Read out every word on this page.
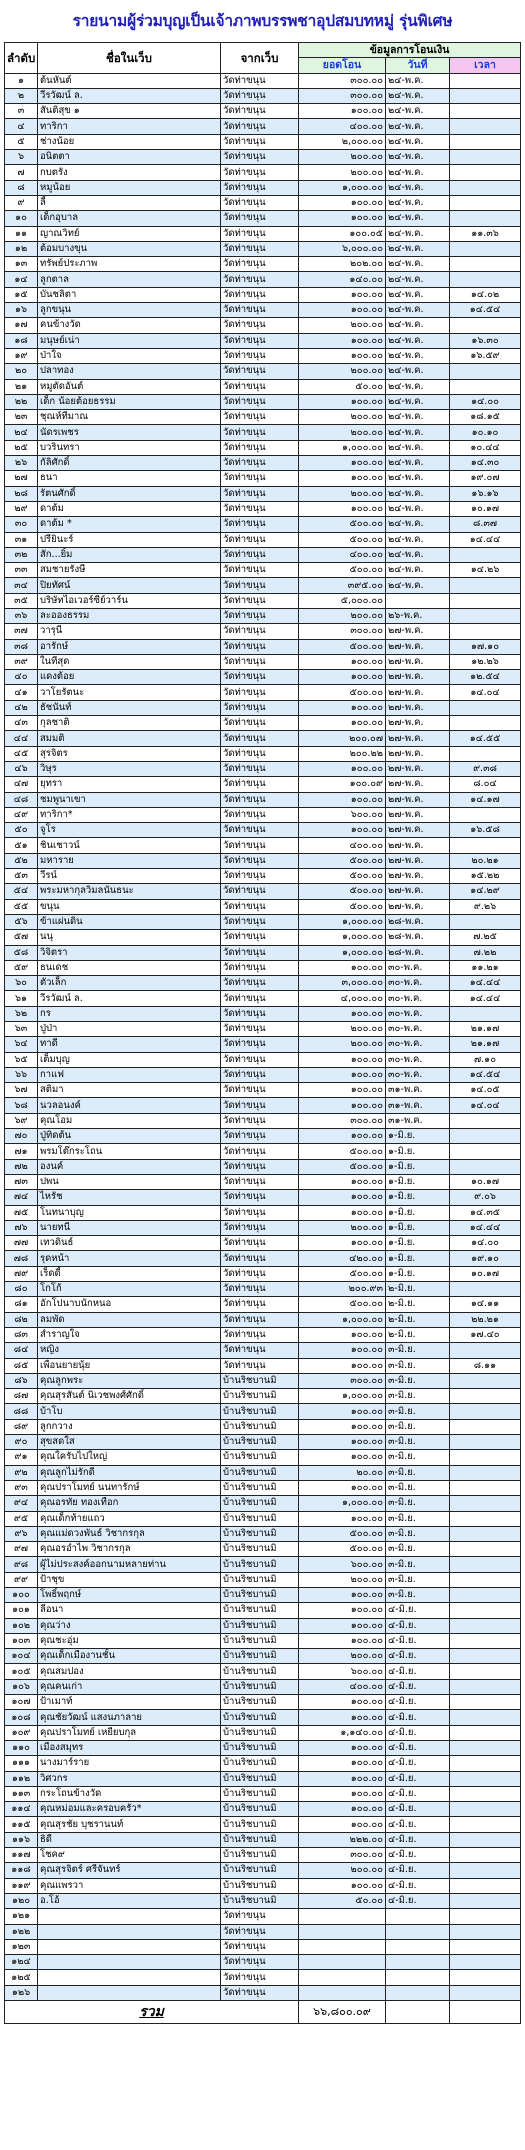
รายนามผู้ร่วมบุญเป็นเจ้าภาพบรรพชาอุปสมบทหมู่ รุ่นพิเศษ
ลำดับ	ชื่อในเว็บ	จากเว็บ	ข้อมูลการโอนเงิน		
			ยอดโอน	วันที่	เวลา
๑	ต้นหันต์	วัดท่าขนุน	๓๐๐.๐๐	๒๔-พ.ค.	
๒	วีรวัฒน์ ล.	วัดท่าขนุน	๓๐๐.๐๐	๒๔-พ.ค.	
๓	สันติสุข ๑	วัดท่าขนุน	๑๐๐.๐๐	๒๔-พ.ค.	
๔	ทาริกา	วัดท่าขนุน	๔๐๐.๐๐	๒๔-พ.ค.	
๕	ช่างน้อย	วัดท่าขนุน	๒,๐๐๐.๐๐	๒๔-พ.ค.	
๖	อนิตตา	วัดท่าขนุน	๒๐๐.๐๐	๒๔-พ.ค.	
๗	กบตรัง	วัดท่าขนุน	๒๐๐.๐๐	๒๔-พ.ค.	
๘	หมูน้อย	วัดท่าขนุน	๑,๐๐๐.๐๐	๒๔-พ.ค.	
๙	ลี้	วัดท่าขนุน	๑๐๐.๐๐	๒๔-พ.ค.	
๑๐	เด็กอุบาล	วัดท่าขนุน	๑๐๐.๐๐	๒๔-พ.ค.	
๑๑	ญาณวิทย์	วัดท่าขนุน	๑๐๐.๐๕	๒๔-พ.ค.	๑๑.๓๖
๑๒	ต้อมบางขุน	วัดท่าขนุน	๖,๐๐๐.๐๐	๒๔-พ.ค.	
๑๓	ทรัพย์ประภาพ	วัดท่าขนุน	๒๐๒.๐๐	๒๔-พ.ค.	
๑๔	ลูกตาล	วัดท่าขนุน	๑๔๐.๐๐	๒๔-พ.ค.	
๑๕	บันชลิตา	วัดท่าขนุน	๑๐๐.๐๐	๒๔-พ.ค.	๑๔.๐๒
๑๖	ลูกขนุน	วัดท่าขนุน	๑๐๐.๐๐	๒๔-พ.ค.	๑๔.๕๔
๑๗	คนข้างวัด	วัดท่าขนุน	๒๐๐.๐๐	๒๔-พ.ค.	
๑๘	มนุษย์เน่า	วัดท่าขนุน	๑๐๐.๐๐	๒๔-พ.ค.	๑๖.๓๐
๑๙	ป่าใจ	วัดท่าขนุน	๑๐๐.๐๐	๒๔-พ.ค.	๑๖.๕๙
๒๐	ปลาทอง	วัดท่าขนุน	๒๐๐.๐๐	๒๔-พ.ค.	
๒๑	หมูตัดอันต์	วัดท่าขนุน	๕๐.๐๐	๒๔-พ.ค.	
๒๒	เด็ก น้อยต้อยธรรม	วัดท่าขนุน	๑๐๐.๐๐	๒๔-พ.ค.	๑๔.๐๐
๒๓	ชุณห์ทีมาณ	วัดท่าขนุน	๒๐๐.๐๐	๒๔-พ.ค.	๑๘.๑๕
๒๔	นัดรเพชร	วัดท่าขนุน	๒๐๐.๐๐	๒๔-พ.ค.	๑๐.๑๐
๒๕	บวรินทรา	วัดท่าขนุน	๑,๐๐๐.๐๐	๒๔-พ.ค.	๑๐.๔๔
๒๖	กัลิศักดิ์	วัดท่าขนุน	๑๐๐.๐๐	๒๔-พ.ค.	๑๔.๓๐
๒๗	ธนา	วัดท่าขนุน	๑๐๐.๐๐	๒๔-พ.ค.	๑๙.๐๗
๒๘	รัตนศักดิ์	วัดท่าขนุน	๒๐๐.๐๐	๒๔-พ.ค.	๑๖.๑๖
๒๙	ดาต้ม	วัดท่าขนุน	๑๐๐.๐๐	๒๔-พ.ค.	๑๐.๑๗
๓๐	ดาต้ม *	วัดท่าขนุน	๕๐๐.๐๐	๒๔-พ.ค.	๘.๓๗
๓๑	ปรียินะร์	วัดท่าขนุน	๕๐๐.๐๐	๒๔-พ.ค.	๑๔.๔๔
๓๒	สัก...ยิ้ม	วัดท่าขนุน	๔๐๐.๐๐	๒๔-พ.ค.	
๓๓	สมชายรังษี	วัดท่าขนุน	๕๐๐.๐๐	๒๔-พ.ค.	๑๔.๒๖
๓๔	ปิยทัศน์	วัดท่าขนุน	๓๙๕.๐๐	๒๔-พ.ค.	
๓๕	บริษัทไอเวอร์ซีย์วาร์น	วัดท่าขนุน	๕,๐๐๐.๐๐		
๓๖	ละอองธรรม	วัดท่าขนุน	๒๐๐.๐๐	๒๖-พ.ค.	
๓๗	วารุนี	วัดท่าขนุน	๓๐๐.๐๐	๒๗-พ.ค.	
๓๘	อารักษ์	วัดท่าขนุน	๕๐๐.๐๐	๒๗-พ.ค.	๑๗.๑๐
๓๙	ในทีสุด	วัดท่าขนุน	๑๐๐.๐๐	๒๗-พ.ค.	๑๒.๒๖
๔๐	แดงต้อย	วัดท่าขนุน	๑๐๐.๐๐	๒๗-พ.ค.	๑๒.๕๔
๔๑	วาโยรัตนะ	วัดท่าขนุน	๕๐๐.๐๐	๒๗-พ.ค.	๑๔.๐๔
๔๒	ธัชนันท์	วัดท่าขนุน	๑๐๐.๐๐	๒๗-พ.ค.	
๔๓	กุลชาติ	วัดท่าขนุน	๑๐๐.๐๐	๒๗-พ.ค.	
๔๔	สมมติ	วัดท่าขนุน	๒๐๐.๐๗	๒๗-พ.ค.	๑๔.๕๕
๔๕	สุรจิตร	วัดท่าขนุน	๒๐๐.๒๒	๒๗-พ.ค.	
๔๖	วิษุร	วัดท่าขนุน	๑๐๐.๐๐	๒๗-พ.ค.	๙.๓๘
๔๗	ยุทรา	วัดท่าขนุน	๑๐๐.๐๙	๒๗-พ.ค.	๘.๐๔
๔๘	ชมพูนาเขา	วัดท่าขนุน	๑๐๐.๐๐	๒๗-พ.ค.	๑๔.๑๗
๔๙	ทาริกา*	วัดท่าขนุน	๖๐๐.๐๐	๒๗-พ.ค.	
๕๐	จูโร	วัดท่าขนุน	๑๐๐.๐๐	๒๗-พ.ค.	๑๖.๕๘
๕๑	ชินเชาวน์	วัดท่าขนุน	๔๐๐.๐๐	๒๗-พ.ค.	
๕๒	มหาราย	วัดท่าขนุน	๕๐๐.๐๐	๒๗-พ.ค.	๒๐.๒๑
๕๓	วีรน์	วัดท่าขนุน	๕๐๐.๐๐	๒๗-พ.ค.	๑๕.๒๒
๕๔	พระมหากุลวิมลนันธนะ	วัดท่าขนุน	๕๐๐.๐๐	๒๗-พ.ค.	๑๔.๒๙
๕๕	ขนุน	วัดท่าขนุน	๕๐๐.๐๐	๒๗-พ.ค.	๙.๒๖
๕๖	ข้าแผ่นดิน	วัดท่าขนุน	๑,๐๐๐.๐๐	๒๘-พ.ค.	
๕๗	นนุ	วัดท่าขนุน	๑,๐๐๐.๐๐	๒๘-พ.ค.	๗.๒๕
๕๘	วิจิตรา	วัดท่าขนุน	๑,๐๐๐.๐๐	๒๘-พ.ค.	๗.๒๒
๕๙	ธนเดช	วัดท่าขนุน	๑๐๐.๐๐	๓๐-พ.ค.	๑๑.๒๑
๖๐	ตัวเล็ก	วัดท่าขนุน	๓,๐๐๐.๐๐	๓๐-พ.ค.	๑๔.๔๔
๖๑	วีรวัฒน์ ล.	วัดท่าขนุน	๔,๐๐๐.๐๐	๓๐-พ.ค.	๑๔.๔๔
๖๒	กร	วัดท่าขนุน	๑๐๐.๐๐	๓๐-พ.ค.	
๖๓	ปู่ป่า	วัดท่าขนุน	๒๐๐.๐๐	๓๐-พ.ค.	๒๑.๑๗
๖๔	ทาดี	วัดท่าขนุน	๒๐๐.๐๐	๓๐-พ.ค.	๒๑.๑๗
๖๕	เต็มบุญ	วัดท่าขนุน	๑๐๐.๐๐	๓๐-พ.ค.	๗.๑๐
๖๖	กาแฟ	วัดท่าขนุน	๑๐๐.๐๐	๓๐-พ.ค.	๑๔.๕๔
๖๗	สติมา	วัดท่าขนุน	๑๐๐.๐๐	๓๑-พ.ค.	๑๔.๐๕
๖๘	นวลอนงค์	วัดท่าขนุน	๑๐๐.๐๐	๓๑-พ.ค.	๑๔.๐๔
๖๙	คุณโอม	วัดท่าขนุน	๓๐๐.๐๐	๓๑-พ.ค.	
๗๐	ปู่ทิดต้น	วัดท่าขนุน	๑๐๐.๐๐	๑-มิ.ย.	
๗๑	พรมโต๊กระโถน	วัดท่าขนุน	๕๐๐.๐๐	๑-มิ.ย.	
๗๒	องนค์	วัดท่าขนุน	๕๐๐.๐๐	๑-มิ.ย.	
๗๓	ปพน	วัดท่าขนุน	๑๐๐.๐๐	๑-มิ.ย.	๑๐.๑๗
๗๔	ไหรัช	วัดท่าขนุน	๑๐๐.๐๐	๑-มิ.ย.	๙.๐๖
๗๕	โนทนาบุญ	วัดท่าขนุน	๑๐๐.๐๐	๑-มิ.ย.	๑๔.๓๕
๗๖	นายทนี	วัดท่าขนุน	๒๐๐.๐๐	๑-มิ.ย.	๑๔.๔๔
๗๗	เทวดินธ์	วัดท่าขนุน	๑๐๐.๐๐	๑-มิ.ย.	๑๔.๐๐
๗๘	รุดหน้า	วัดท่าขนุน	๔๒๐.๐๐	๑-มิ.ย.	๑๙.๑๐
๗๙	เร็ดดี้	วัดท่าขนุน	๕๐๐.๐๐	๑-มิ.ย.	๑๐.๑๗
๘๐	โกโก้	วัดท่าขนุน	๒๐๐.๙๓	๒-มิ.ย.	
๘๑	อักโปนาบนักหนอ	วัดท่าขนุน	๕๐๐.๐๐	๒-มิ.ย.	๑๔.๑๑
๘๒	ลมพัด	วัดท่าขนุน	๑,๐๐๐.๐๐	๒-มิ.ย.	๒๒.๒๑
๘๓	สำราญใจ	วัดท่าขนุน	๑๐๐.๐๐	๒-มิ.ย.	๑๗.๔๐
๘๔	หญิง	วัดท่าขนุน	๑๐๐.๐๐	๓-มิ.ย.	
๘๕	เพื่อนยายนุ้ย	วัดท่าขนุน	๑๐๐.๐๐	๓-มิ.ย.	๘.๑๑
๘๖	คุณลูกพระ	บ้านริชบานมิ	๓๐๐.๐๐	๓-มิ.ย.	
๘๗	คุณสุรสันต์ นิเวชพงศ์ศักดิ์	บ้านริชบานมิ	๑,๐๐๐.๐๐	๓-มิ.ย.	
๘๘	บ้าโบ	บ้านริชบานมิ	๑๐๐.๐๐	๓-มิ.ย.	
๘๙	ลูกกวาง	บ้านริชบานมิ	๑๐๐.๐๐	๓-มิ.ย.	
๙๐	สุขสดใส	บ้านริชบานมิ	๑๐๐.๐๐	๓-มิ.ย.	
๙๑	คุณใครับไปใหญ่	บ้านริชบานมิ	๑๐๐.๐๐	๓-มิ.ย.	
๙๒	คุณลูกไม่รักดี	บ้านริชบานมิ	๒๐.๐๐	๓-มิ.ย.	
๙๓	คุณปราโมทย์ นนทารักษ์	บ้านริชบานมิ	๑๐๐.๐๐	๓-มิ.ย.	
๙๔	คุณอรทัย ทองเทือก	บ้านริชบานมิ	๑,๐๐๐.๐๐	๓-มิ.ย.	
๙๕	คุณเด็กท้ายแถว	บ้านริชบานมิ	๑๐๐.๐๐	๓-มิ.ย.	
๙๖	คุณแม่ดวงพันธ์ วิชากรกุล	บ้านริชบานมิ	๕๐๐.๐๐	๓-มิ.ย.	
๙๗	คุณอรอำไพ วิชากรกุล	บ้านริชบานมิ	๕๐๐.๐๐	๓-มิ.ย.	
๙๘	ผู้ไม่ประสงค์ออกนามหลายท่าน	บ้านริชบานมิ	๖๐๐.๐๐	๓-มิ.ย.	
๙๙	ป้าชุข	บ้านริชบานมิ	๒๐๐.๐๐	๓-มิ.ย.	
๑๐๐	โพธิ์พฤกษ์	บ้านริชบานมิ	๑๐๐.๐๐	๓-มิ.ย.	
๑๐๑	ลีอนา	บ้านริชบานมิ	๑๐๐.๐๐	๔-มิ.ย.	
๑๐๒	คุณว่าง	บ้านริชบานมิ	๑๐๐.๐๐	๔-มิ.ย.	
๑๐๓	คุณชะอุ่ม	บ้านริชบานมิ	๑๐๐.๐๐	๔-มิ.ย.	
๑๐๔	คุณเด็กเมืองานชั้น	บ้านริชบานมิ	๒๐๐.๐๐	๔-มิ.ย.	
๑๐๕	คุณสมปอง	บ้านริชบานมิ	๖๐๐.๐๐	๔-มิ.ย.	
๑๐๖	คุณคนเก่า	บ้านริชบานมิ	๔๐๐.๐๐	๔-มิ.ย.	
๑๐๗	ป้าเมาท์	บ้านริชบานมิ	๑๐๐.๐๐	๔-มิ.ย.	
๑๐๘	คุณชัยวัฒน์ แสงนภาลาย	บ้านริชบานมิ	๑๐๐.๐๐	๔-มิ.ย.	
๑๐๙	คุณปราโมทย์ เหยียบกุล	บ้านริชบานมิ	๑,๑๔๐.๐๐	๔-มิ.ย.	
๑๑๐	เมืองสมุทร	บ้านริชบานมิ	๑๐๐.๐๐	๔-มิ.ย.	
๑๑๑	นางมาร์ราย	บ้านริชบานมิ	๑๐๐.๐๐	๔-มิ.ย.	
๑๑๒	วิศวกร	บ้านริชบานมิ	๑๐๐.๐๐	๔-มิ.ย.	
๑๑๓	กระโถนข้างวัด	บ้านริชบานมิ	๑๐๐.๐๐	๔-มิ.ย.	
๑๑๔	คุณหม่อมและครอบครัว*	บ้านริชบานมิ	๑๐๐.๐๐	๔-มิ.ย.	
๑๑๕	คุณสุรชัย บุชรานนท์	บ้านริชบานมิ	๑๐๐.๐๐	๔-มิ.ย.	
๑๑๖	ธิดี	บ้านริชบานมิ	๒๒๒.๐๐	๔-มิ.ย.	
๑๑๗	โชค๙	บ้านริชบานมิ	๓๐๐.๐๐	๔-มิ.ย.	
๑๑๘	คุณสุรจิตร์ ศรีจันทร์	บ้านริชบานมิ	๒๐๐.๐๐	๔-มิ.ย.	
๑๑๙	คุณแพรวา	บ้านริชบานมิ	๑๐๐.๐๐	๔-มิ.ย.	
๑๒๐	อ.โอ้	บ้านริชบานมิ	๕๐.๐๐	๔-มิ.ย.	
๑๒๑		วัดท่าขนุน			
๑๒๒		วัดท่าขนุน			
๑๒๓		วัดท่าขนุน			
๑๒๔		วัดท่าขนุน			
๑๒๕		วัดท่าขนุน			
๑๒๖		วัดท่าขนุน			
รวม			๖๖,๘๐๐.๐๙		
